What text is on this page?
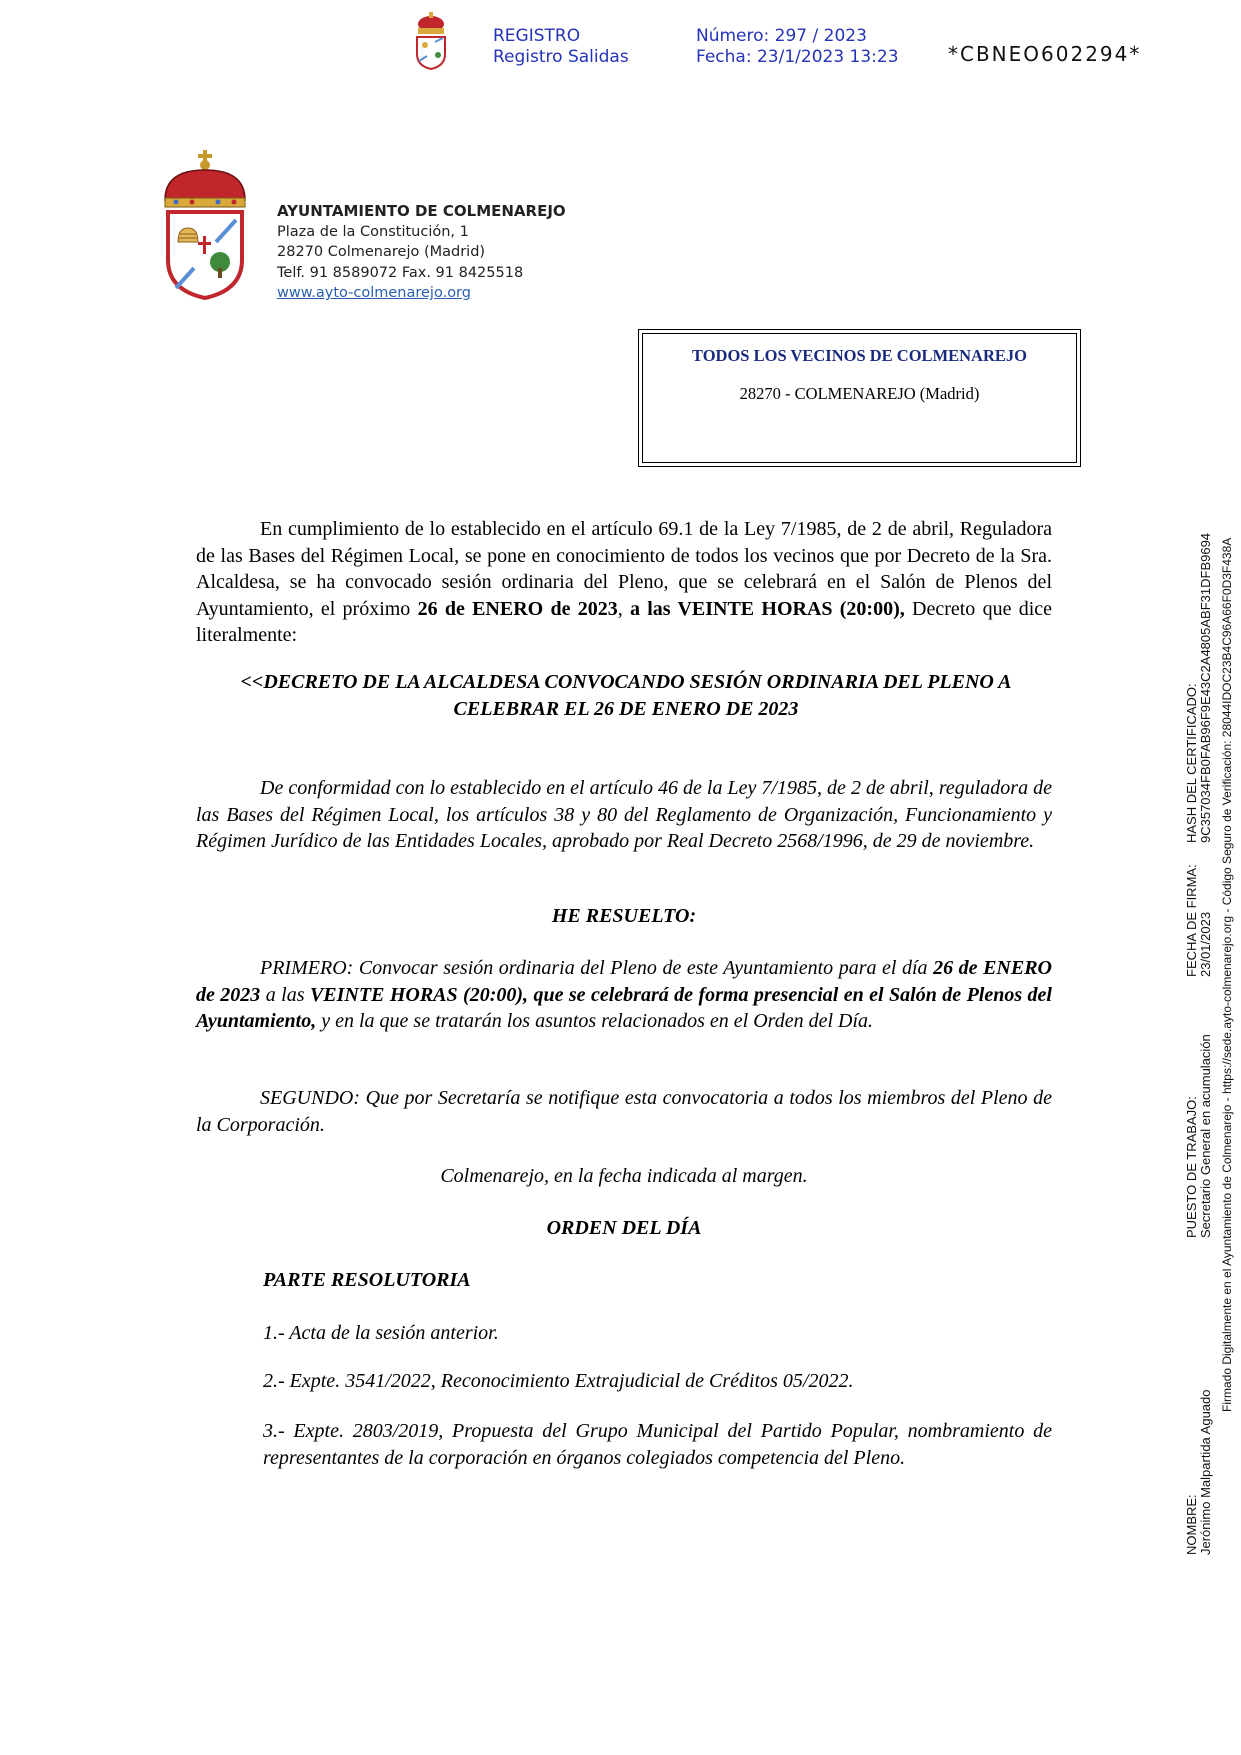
REGISTRO
Registro Salidas
Número: 297 / 2023
Fecha: 23/1/2023 13:23 *CBNEO602294*
AYUNTAMIENTO DE COLMENAREJO
Plaza de la Constitución, 1
28270 Colmenarejo (Madrid)
Telf. 91 8589072 Fax. 91 8425518
www.ayto-colmenarejo.org
TODOS LOS VECINOS DE COLMENAREJO
28270 - COLMENAREJO (Madrid)
En cumplimiento de lo establecido en el artículo 69.1 de la Ley 7/1985, de 2 de abril, Reguladora de las Bases del Régimen Local, se pone en conocimiento de todos los vecinos que por Decreto de la Sra. Alcaldesa, se ha convocado sesión ordinaria del Pleno, que se celebrará en el Salón de Plenos del Ayuntamiento, el próximo 26 de ENERO de 2023, a las VEINTE HORAS (20:00), Decreto que dice literalmente:
<<DECRETO DE LA ALCALDESA CONVOCANDO SESIÓN ORDINARIA DEL PLENO A CELEBRAR EL 26 DE ENERO DE 2023
De conformidad con lo establecido en el artículo 46 de la Ley 7/1985, de 2 de abril, reguladora de las Bases del Régimen Local, los artículos 38 y 80 del Reglamento de Organización, Funcionamiento y Régimen Jurídico de las Entidades Locales, aprobado por Real Decreto 2568/1996, de 29 de noviembre.
HE RESUELTO:
PRIMERO: Convocar sesión ordinaria del Pleno de este Ayuntamiento para el día 26 de ENERO de 2023 a las VEINTE HORAS (20:00), que se celebrará de forma presencial en el Salón de Plenos del Ayuntamiento, y en la que se tratarán los asuntos relacionados en el Orden del Día.
SEGUNDO: Que por Secretaría se notifique esta convocatoria a todos los miembros del Pleno de la Corporación.
Colmenarejo, en la fecha indicada al margen.
ORDEN DEL DÍA
PARTE RESOLUTORIA
1.- Acta de la sesión anterior.
2.- Expte. 3541/2022, Reconocimiento Extrajudicial de Créditos 05/2022.
3.- Expte. 2803/2019, Propuesta del Grupo Municipal del Partido Popular, nombramiento de representantes de la corporación en órganos colegiados competencia del Pleno.
NOMBRE: Jerónimo Malpartida Aguado
PUESTO DE TRABAJO: Secretario General en acumulación
FECHA DE FIRMA: 23/01/2023
HASH DEL CERTIFICADO: 9C357034FB0FAB96F9E43C2A4805ABF31DFB9694 Firmado Digitalmente en el Ayuntamiento de Colmenarejo - https://sede.ayto-colmenarejo.org - Código Seguro de Verificación: 28044IDOC23B4C96A66F0D3F438A
